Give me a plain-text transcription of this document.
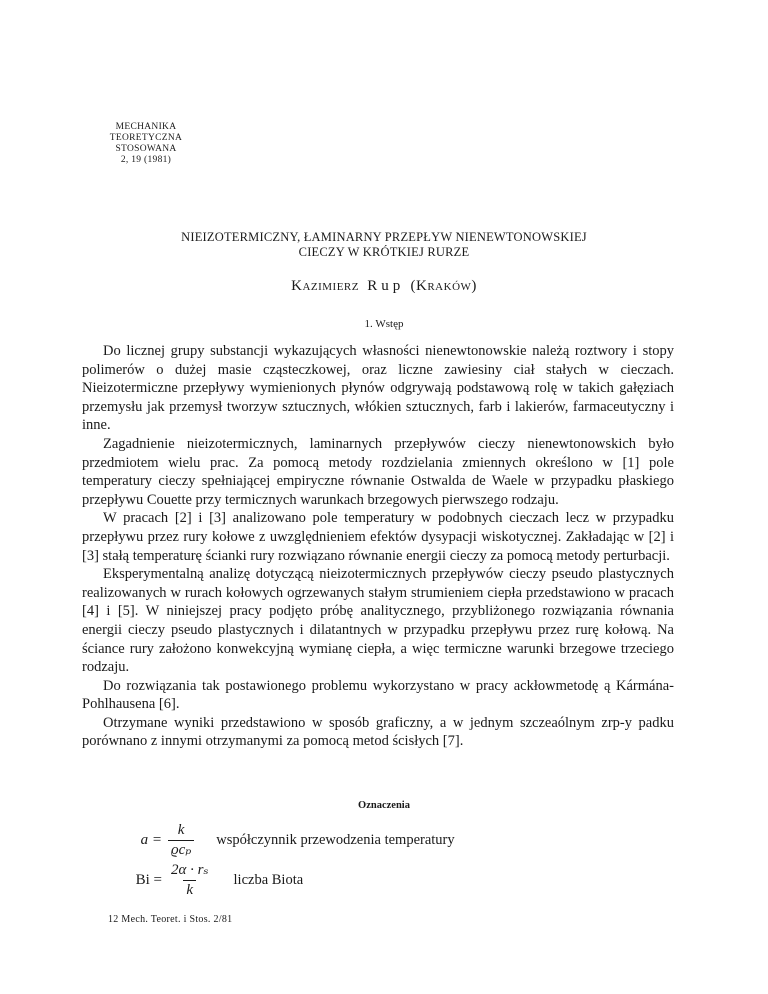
MECHANIKA
TEORETYCZNA
STOSOWANA
2, 19 (1981)
NIEIZOTERMICZNY, ŁAMINARNY PRZEPŁYW NIENEWTONOWSKIEJ
CIECZY W KRÓTKIEJ RURZE
Kazimierz Rup (Kraków)
1. Wstęp

Do licznej grupy substancji wykazujących własności nienewtonowskie należą roztwory i stopy polimerów o dużej masie cząsteczkowej, oraz liczne zawiesiny ciał stałych w cieczach. Nieizotermiczne przepływy wymienionych płynów odgrywają podstawową rolę w takich gałęziach przemysłu jak przemysł tworzyw sztucznych, włókien sztucznych, farb i lakierów, farmaceutyczny i inne.

Zagadnienie nieizotermicznych, laminarnych przepływów cieczy nienewtonowskich było przedmiotem wielu prac. Za pomocą metody rozdzielania zmiennych określono w [1] pole temperatury cieczy spełniającej empiryczne równanie Ostwalda de Waele w przypadku płaskiego przepływu Couette przy termicznych warunkach brzegowych pierwszego rodzaju.

W pracach [2] i [3] analizowano pole temperatury w podobnych cieczach lecz w przypadku przepływu przez rury kołowe z uwzględnieniem efektów dysypacji wiskotycznej. Zakładając w [2] i [3] stałą temperaturę ścianki rury rozwiązano równanie energii cieczy za pomocą metody perturbacji.

Eksperymentalną analizę dotyczącą nieizotermicznych przepływów cieczy pseudo plastycznych realizowanych w rurach kołowych ogrzewanych stałym strumieniem ciepła przedstawiono w pracach [4] i [5]. W niniejszej pracy podjęto próbę analitycznego, przybliżonego rozwiązania równania energii cieczy pseudo plastycznych i dilatantnych w przypadku przepływu przez rurę kołową. Na ściance rury założono konwekcyjną wymianę ciepła, a więc termiczne warunki brzegowe trzeciego rodzaju.

Do rozwiązania tak postawionego problemu wykorzystano w pracy ackłowmetodę ą Kármána-Pohlhausena [6].

Otrzymane wyniki przedstawiono w sposób graficzny, a w jednym szczeaólnym zrp-y padku porównano z innymi otrzymanymi za pomocą metod ścisłych [7].

Oznaczenia
$a = \frac{k}{\text{ϱcₚ}}$ współczynnik przewodzenia temperatury
$Bi = \frac{\text{2α · rₛ}}{k}$ liczba Biota
12 Mech. Teoret. i Stos. 2/81
